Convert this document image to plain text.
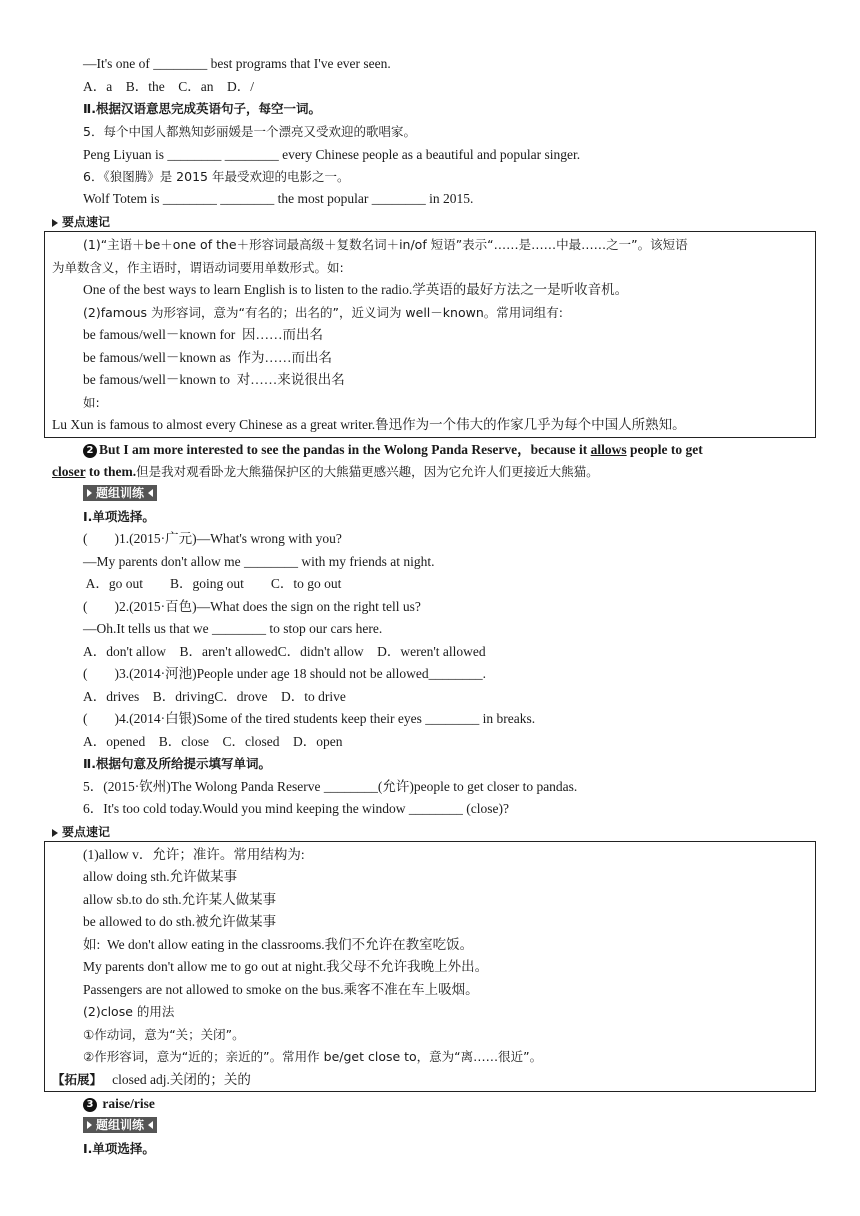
—It's one of ________ best programs that I've ever seen.
A．a　B．the　C．an　D．/
Ⅱ.根据汉语意思完成英语句子，每空一词。
5．每个中国人都熟知彭丽媛是一个漂亮又受欢迎的歌唱家。
Peng Liyuan is ________ ________ every Chinese people as a beautiful and popular singer.
6．《狼图腾》是 2015 年最受欢迎的电影之一。
Wolf Totem is ________ ________ the most popular ________ in 2015.
要点速记
(1)“主语＋be＋one of the＋形容词最高级＋复数名词＋in/of 短语”表示“……是……中最……之一”。该短语
为单数含义，作主语时，谓语动词要用单数形式。如:
One of the best ways to learn English is to listen to the radio.学英语的最好方法之一是听收音机。
(2)famous 为形容词，意为“有名的；出名的”，近义词为 well－known。常用词组有:
be famous/well－known for  因……而出名
be famous/well－known as  作为……而出名
be famous/well－known to  对……来说很出名
如:
Lu Xun is famous to almost every Chinese as a great writer.鲁迅作为一个伟大的作家几乎为每个中国人所熟知。
2 But I am more interested to see the pandas in the Wolong Panda Reserve，because it allows people to get
closer to them.但是我对观看卧龙大熊猫保护区的大熊猫更感兴趣，因为它允许人们更接近大熊猫。
题组训练
Ⅰ.单项选择。
(　　)1.(2015·广元)—What's wrong with you?
—My parents don't allow me ________ with my friends at night.
A．go out　　B．going out　　C．to go out
(　　)2.(2015·百色)—What does the sign on the right tell us?
—Oh.It tells us that we ________ to stop our cars here.
A．don't allow　B．aren't allowedC．didn't allow　D．weren't allowed
(　　)3.(2014·河池)People under age 18 should not be allowed________.
A．drives　B．drivingC．drove　D．to drive
(　　)4.(2014·白银)Some of the tired students keep their eyes ________ in breaks.
A．opened　B．close　C．closed　D．open
Ⅱ.根据句意及所给提示填写单词。
5．(2015·钦州)The Wolong Panda Reserve ________(允许)people to get closer to pandas.
6．It's too cold today.Would you mind keeping the window ________ (close)?
要点速记
(1)allow v．允许；准许。常用结构为:
allow doing sth.允许做某事
allow sb.to do sth.允许某人做某事
be allowed to do sth.被允许做某事
如:  We don't allow eating in the classrooms.我们不允许在教室吃饭。
My parents don't allow me to go out at night.我父母不允许我晚上外出。
Passengers are not allowed to smoke on the bus.乘客不准在车上吸烟。
(2)close 的用法
①作动词，意为“关；关闭”。
②作形容词，意为“近的；亲近的”。常用作 be/get close to，意为“离……很近”。
【拓展】   closed adj.关闭的；关的
3 raise/rise
题组训练
Ⅰ.单项选择。
